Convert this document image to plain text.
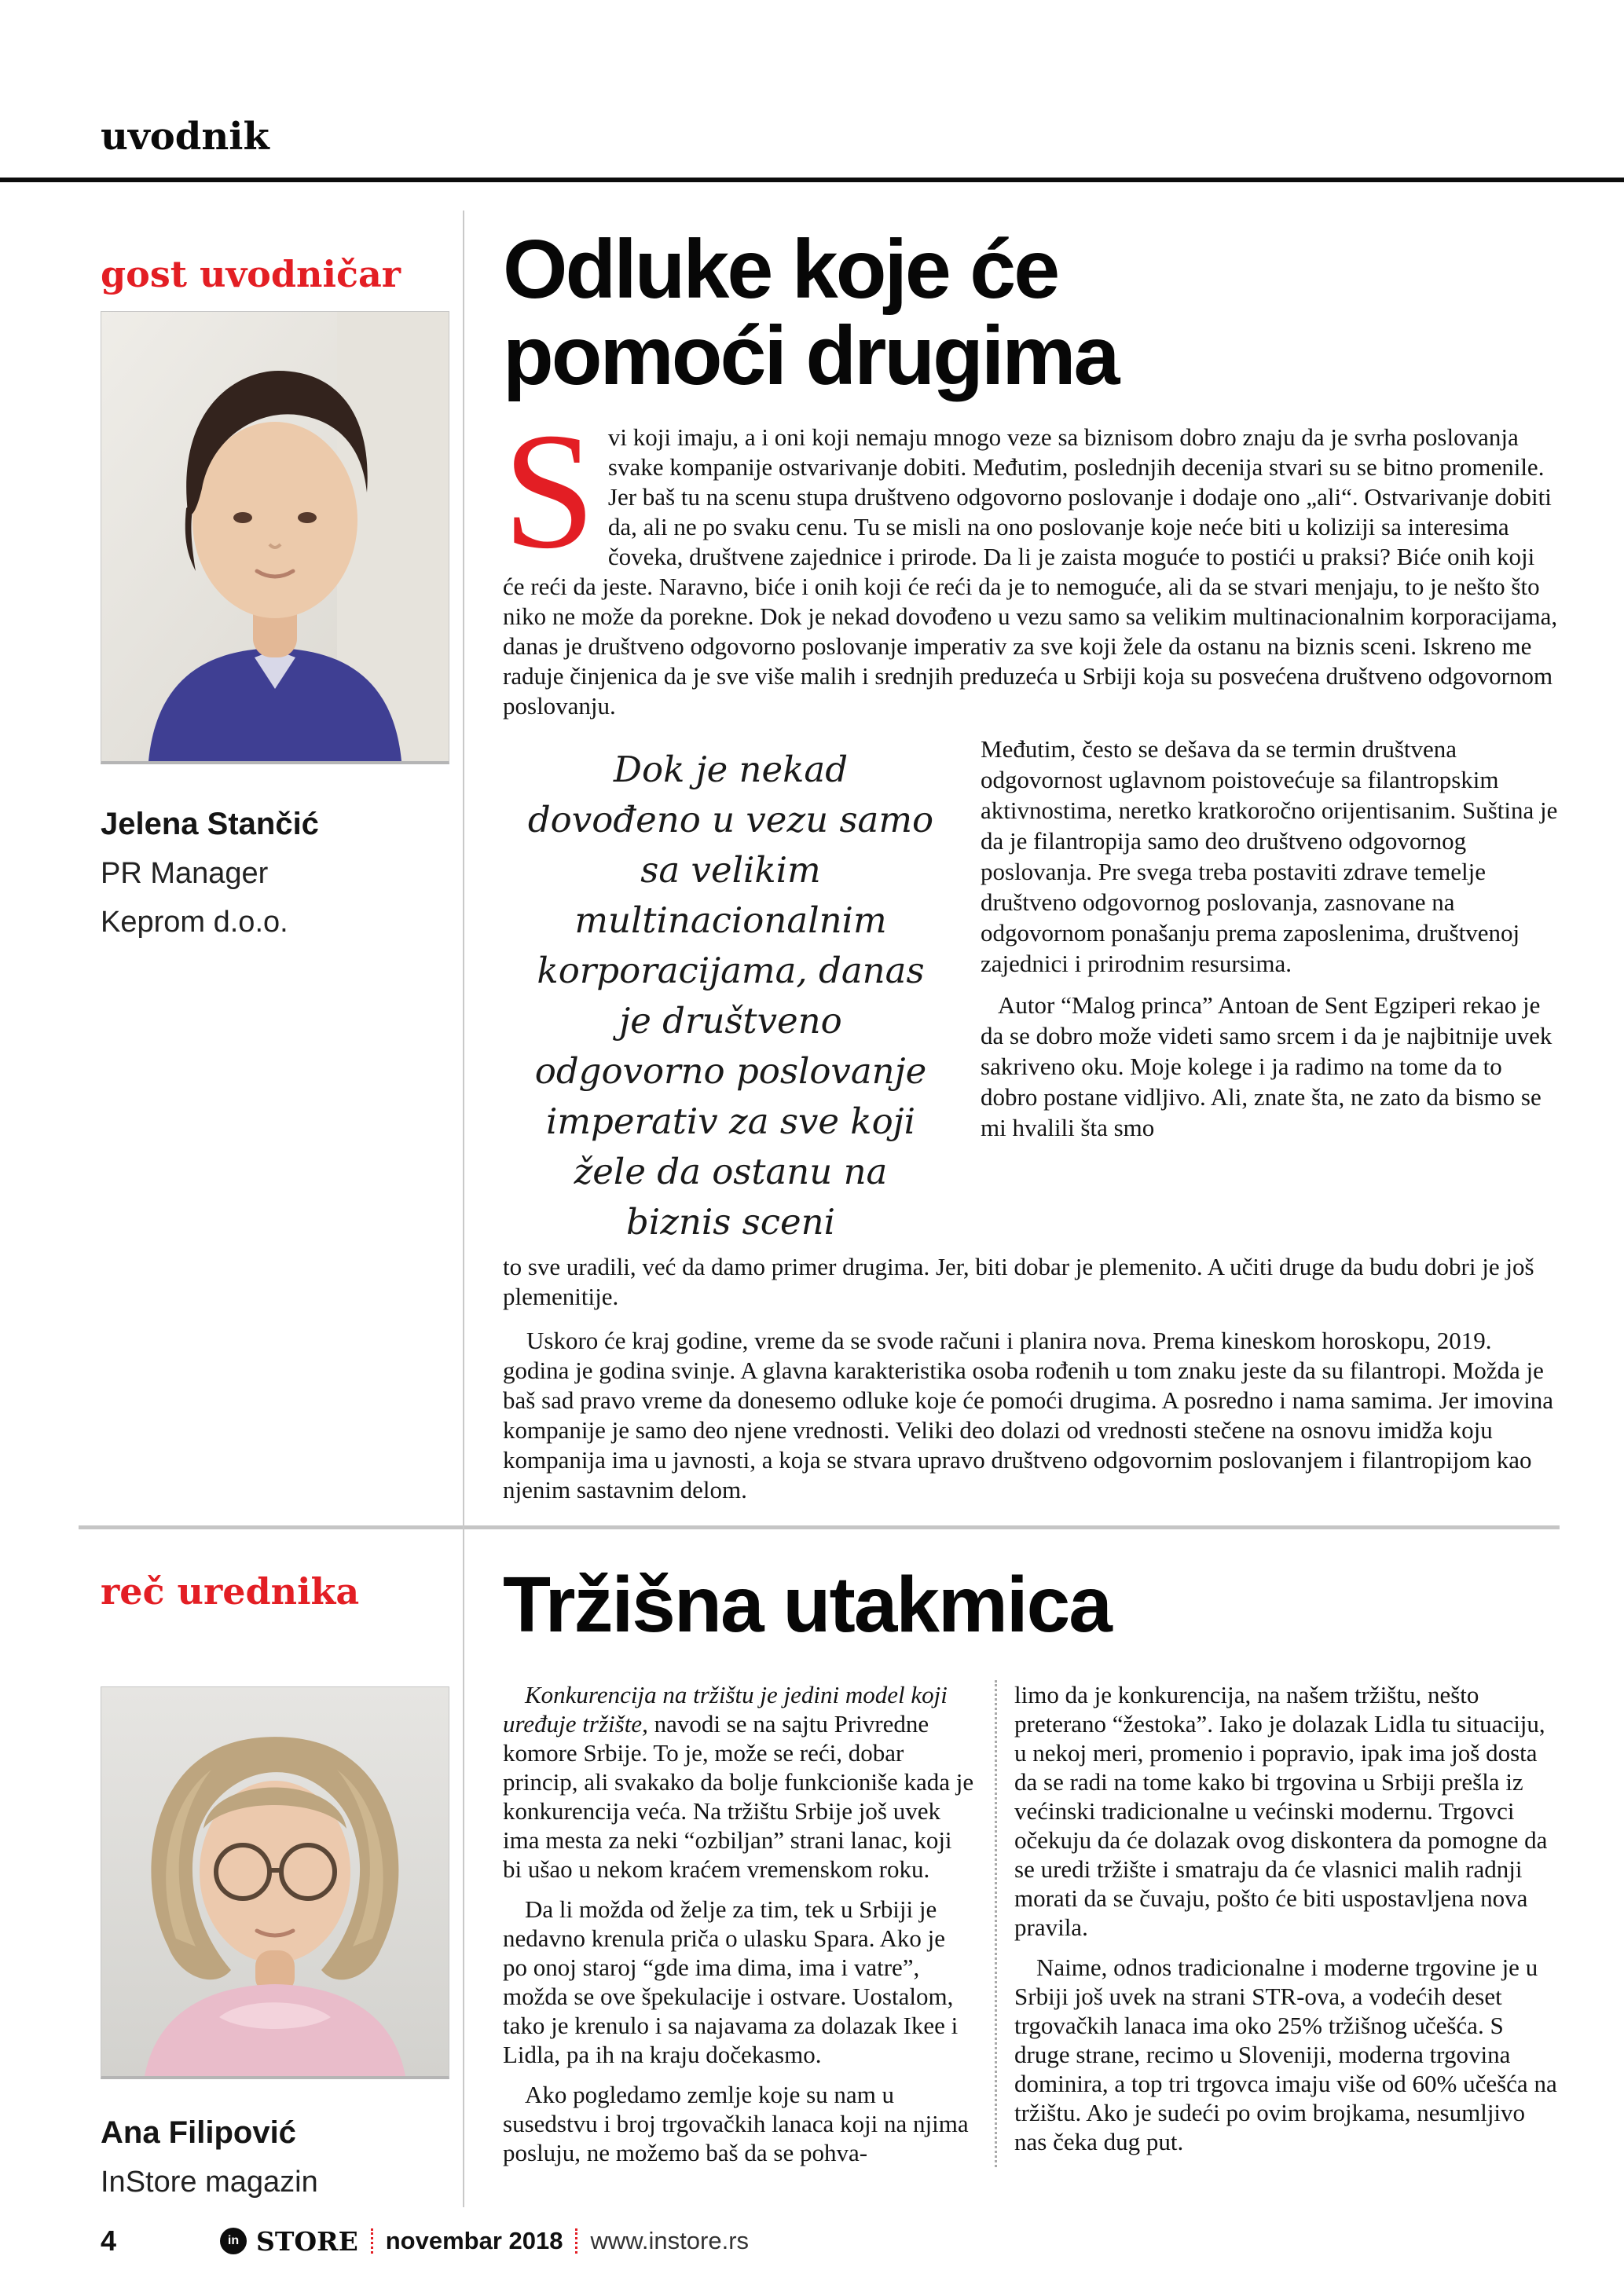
uvodnik
gost uvodničar
Jelena Stančić
PR Manager
Keprom d.o.o.
Odluke koje će pomoći drugima

Svi koji imaju, a i oni koji nemaju mnogo veze sa biznisom dobro znaju da je svrha poslovanja svake kompanije ostvarivanje dobiti. Međutim, poslednjih decenija stvari su se bitno promenile. Jer baš tu na scenu stupa društveno odgovorno poslovanje i dodaje ono „ali“. Ostvarivanje dobiti da, ali ne po svaku cenu. Tu se misli na ono poslovanje koje neće biti u koliziji sa interesima čoveka, društvene zajednice i prirode. Da li je zaista moguće to postići u praksi? Biće onih koji će reći da jeste. Naravno, biće i onih koji će reći da je to nemoguće, ali da se stvari menjaju, to je nešto što niko ne može da porekne. Dok je nekad dovođeno u vezu samo sa velikim multinacionalnim korporacijama, danas je društveno odgovorno poslovanje imperativ za sve koji žele da ostanu na biznis sceni. Iskreno me raduje činjenica da je sve više malih i srednjih preduzeća u Srbiji koja su posvećena društveno odgovornom poslovanju.

Dok je nekad dovođeno u vezu samo sa velikim multinacionalnim korporacijama, danas je društveno odgovorno poslovanje imperativ za sve koji žele da ostanu na biznis sceni

Međutim, često se dešava da se termin društvena odgovornost uglavnom poistovećuje sa filantropskim aktivnostima, neretko kratkoročno orijentisanim. Suština je da je filantropija samo deo društveno odgovornog poslovanja. Pre svega treba postaviti zdrave temelje društveno odgovornog poslovanja, zasnovane na odgovornom ponašanju prema zaposlenima, društvenoj zajednici i prirodnim resursima.

Autor “Malog princa” Antoan de Sent Egziperi rekao je da se dobro može videti samo srcem i da je najbitnije uvek sakriveno oku. Moje kolege i ja radimo na tome da to dobro postane vidljivo. Ali, znate šta, ne zato da bismo se mi hvalili šta smo

to sve uradili, već da damo primer drugima. Jer, biti dobar je plemenito. A učiti druge da budu dobri je još plemenitije.

Uskoro će kraj godine, vreme da se svode računi i planira nova. Prema kineskom horoskopu, 2019. godina je godina svinje. A glavna karakteristika osoba rođenih u tom znaku jeste da su filantropi. Možda je baš sad pravo vreme da donesemo odluke koje će pomoći drugima. A posredno i nama samima. Jer imovina kompanije je samo deo njene vrednosti. Veliki deo dolazi od vrednosti stečene na osnovu imidža koju kompanija ima u javnosti, a koja se stvara upravo društveno odgovornim poslovanjem i filantropijom kao njenim sastavnim delom.

reč urednika
Ana Filipović
InStore magazin
Tržišna utakmica

Konkurencija na tržištu je jedini model koji uređuje tržište, navodi se na sajtu Privredne komore Srbije. To je, može se reći, dobar princip, ali svakako da bolje funkcioniše kada je konkurencija veća. Na tržištu Srbije još uvek ima mesta za neki “ozbiljan” strani lanac, koji bi ušao u nekom kraćem vremenskom roku.

Da li možda od želje za tim, tek u Srbiji je nedavno krenula priča o ulasku Spara. Ako je po onoj staroj “gde ima dima, ima i vatre”, možda se ove špekulacije i ostvare. Uostalom, tako je krenulo i sa najavama za dolazak Ikee i Lidla, pa ih na kraju dočekasmo.

Ako pogledamo zemlje koje su nam u susedstvu i broj trgovačkih lanaca koji na njima posluju, ne možemo baš da se pohva-

limo da je konkurencija, na našem tržištu, nešto preterano “žestoka”. Iako je dolazak Lidla tu situaciju, u nekoj meri, promenio i popravio, ipak ima još dosta da se radi na tome kako bi trgovina u Srbiji prešla iz većinski tradicionalne u većinski modernu. Trgovci očekuju da će dolazak ovog diskontera da pomogne da se uredi tržište i smatraju da će vlasnici malih radnji morati da se čuvaju, pošto će biti uspostavljena nova pravila.

Naime, odnos tradicionalne i moderne trgovine je u Srbiji još uvek na strani STR-ova, a vodećih deset trgovačkih lanaca ima oko 25% tržišnog učešća. S druge strane, recimo u Sloveniji, moderna trgovina dominira, a top tri trgovca imaju više od 60% učešća na tržištu. Ako je sudeći po ovim brojkama, nesumljivo nas čeka dug put.

4	in STORE novembar 2018 www.instore.rs
